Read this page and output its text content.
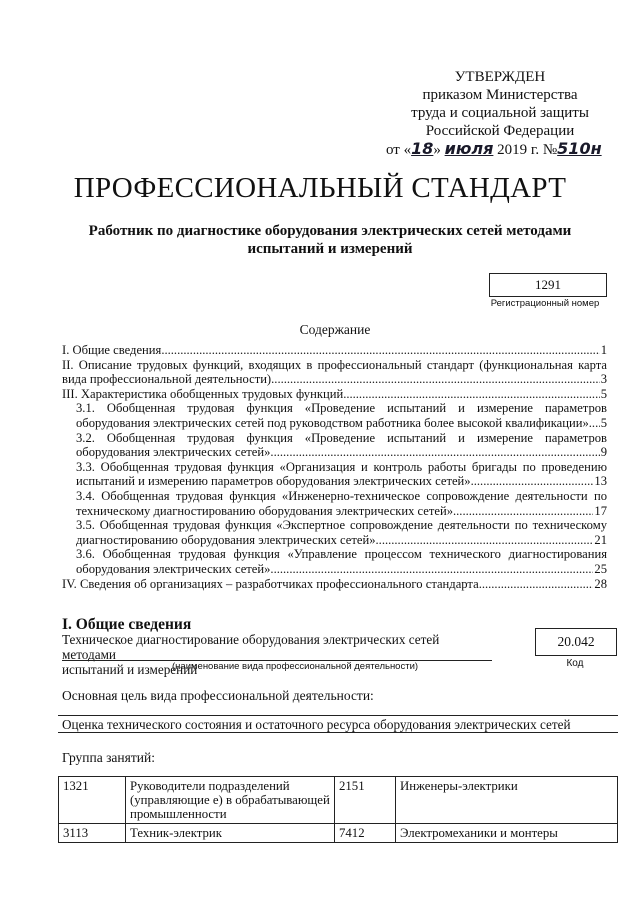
УТВЕРЖДЕН
приказом Министерства
труда и социальной защиты
Российской Федерации
от «18» июля 2019 г. №510н
ПРОФЕССИОНАЛЬНЫЙ СТАНДАРТ
Работник по диагностике оборудования электрических сетей методами
испытаний и измерений
1291
Регистрационный номер
Содержание
I. Общие сведения .....	1
II. Описание трудовых функций, входящих в профессиональный стандарт (функциональная карта
вида профессиональной деятельности) .....	3
III. Характеристика обобщенных трудовых функций .....	5
3.1. Обобщенная трудовая функция «Проведение испытаний и измерение параметров
оборудования электрических сетей под руководством работника более высокой квалификации» ..... 5
3.2. Обобщенная трудовая функция «Проведение испытаний и измерение параметров
оборудования электрических сетей» .....	9
3.3. Обобщенная трудовая функция «Организация и контроль работы бригады по проведению
испытаний и измерению параметров оборудования электрических сетей» .....	13
3.4. Обобщенная трудовая функция «Инженерно-техническое сопровождение деятельности по
техническому диагностированию оборудования электрических сетей» .....	17
3.5. Обобщенная трудовая функция «Экспертное сопровождение деятельности по техническому
диагностированию оборудования электрических сетей» .....	21
3.6. Обобщенная трудовая функция «Управление процессом технического диагностирования
оборудования электрических сетей» .....	25
IV. Сведения об организациях – разработчиках профессионального стандарта .....	28
I. Общие сведения
Техническое диагностирование оборудования электрических сетей методами
испытаний и измерений
(наименование вида профессиональной деятельности)
20.042
Код
Основная цель вида профессиональной деятельности:
Оценка технического состояния и остаточного ресурса оборудования электрических сетей
Группа занятий:
1321	Руководители подразделений (управляющие е) в обрабатывающей промышленности	2151	Инженеры-электрики
3113	Техник-электрик	7412	Электромеханики и монтеры
